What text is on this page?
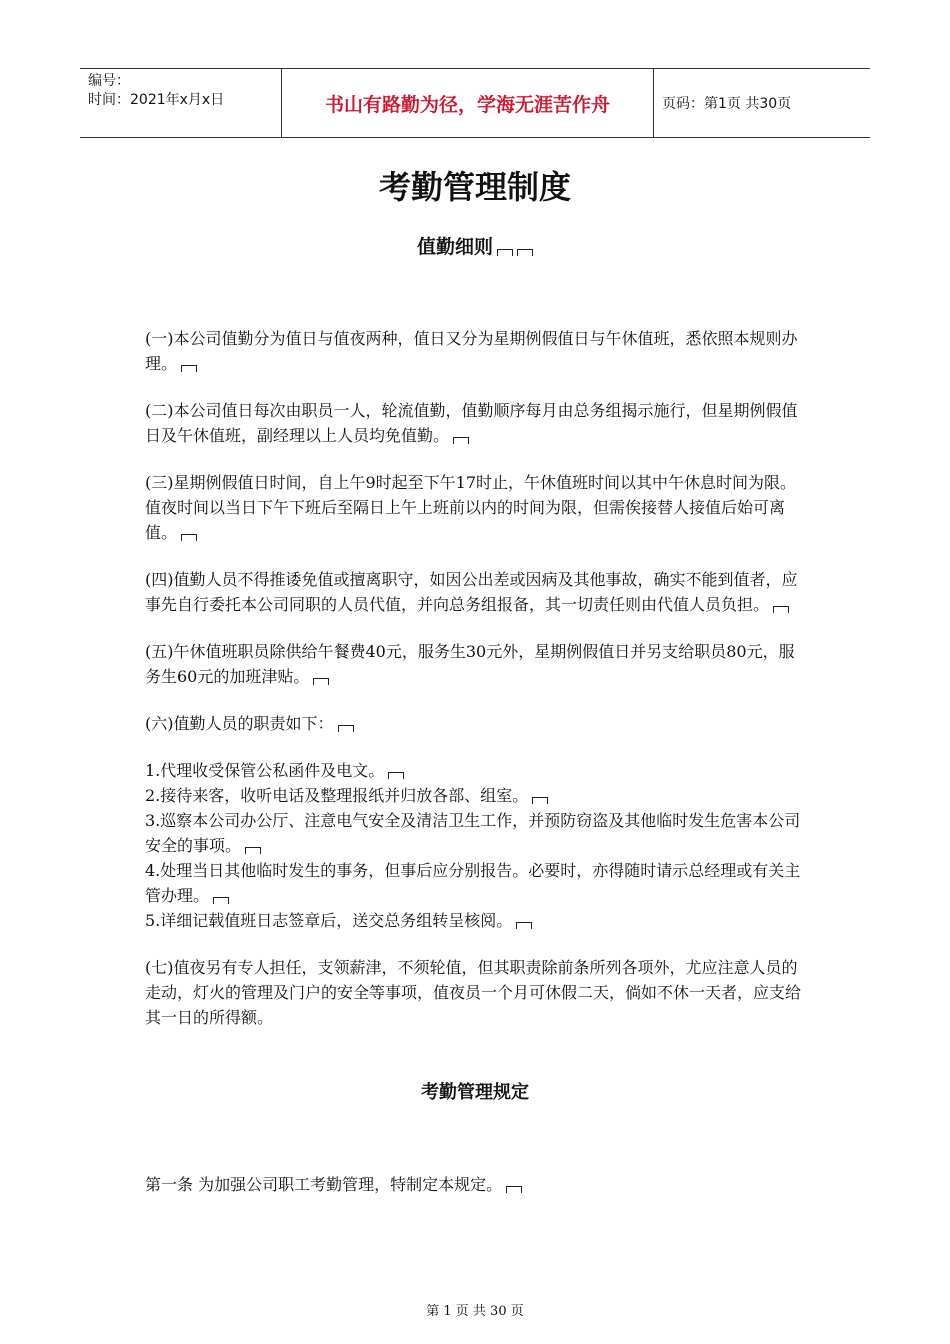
编号：
时间：2021年x月x日	书山有路勤为径，学海无涯苦作舟	页码：第1页 共30页
考勤管理制度
值勤细则

(一)本公司值勤分为值日与值夜两种，值日又分为星期例假值日与午休值班，悉依照本规则办理。

(二)本公司值日每次由职员一人，轮流值勤，值勤顺序每月由总务组揭示施行，但星期例假值日及午休值班，副经理以上人员均免值勤。

(三)星期例假值日时间，自上午9时起至下午17时止，午休值班时间以其中午休息时间为限。值夜时间以当日下午下班后至隔日上午上班前以内的时间为限，但需俟接替人接值后始可离值。

(四)值勤人员不得推诿免值或擅离职守，如因公出差或因病及其他事故，确实不能到值者，应事先自行委托本公司同职的人员代值，并向总务组报备，其一切责任则由代值人员负担。

(五)午休值班职员除供给午餐费40元，服务生30元外，星期例假值日并另支给职员80元，服务生60元的加班津贴。

(六)值勤人员的职责如下：

1.代理收受保管公私函件及电文。

2.接待来客，收听电话及整理报纸并归放各部、组室。

3.巡察本公司办公厅、注意电气安全及清洁卫生工作，并预防窃盗及其他临时发生危害本公司安全的事项。

4.处理当日其他临时发生的事务，但事后应分别报告。必要时，亦得随时请示总经理或有关主管办理。

5.详细记载值班日志签章后，送交总务组转呈核阅。

(七)值夜另有专人担任，支领薪津，不须轮值，但其职责除前条所列各项外，尤应注意人员的走动，灯火的管理及门户的安全等事项，值夜员一个月可休假二天，倘如不休一天者，应支给其一日的所得额。

考勤管理规定
第一条 为加强公司职工考勤管理，特制定本规定。
第 1 页 共 30 页
